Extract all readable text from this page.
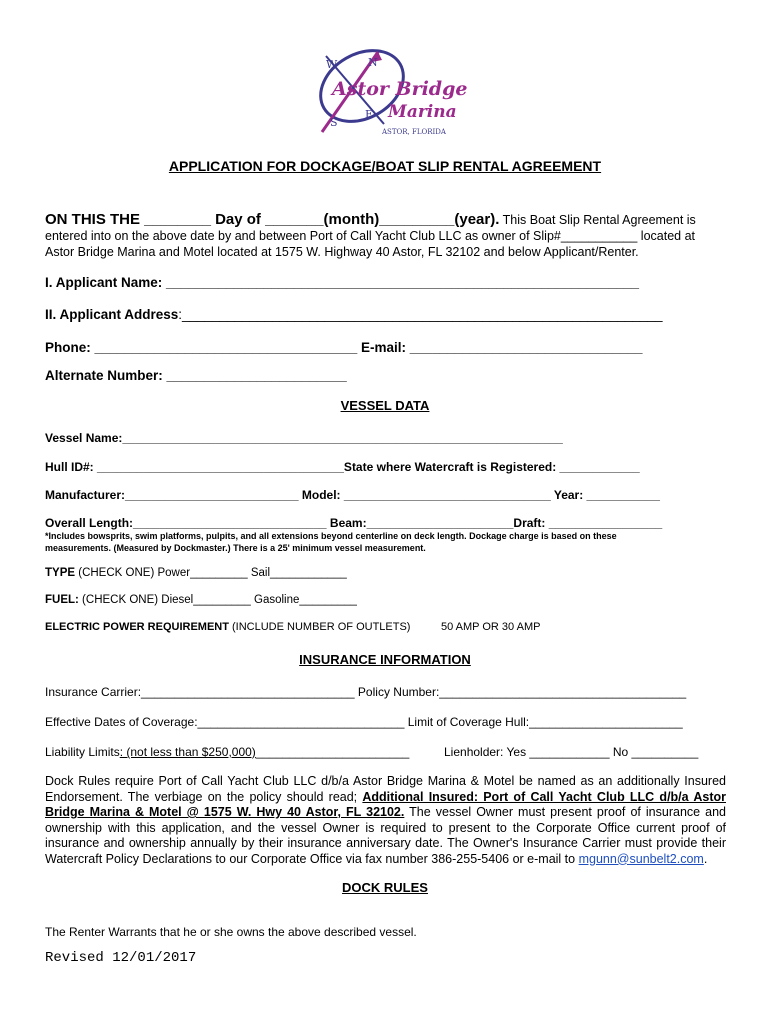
W	N
S
E
Astor Bridge
Marina
ASTOR, FLORIDA
APPLICATION FOR DOCKAGE/BOAT SLIP RENTAL AGREEMENT
ON THIS THE ________ Day of _______(month)_________(year). This Boat Slip Rental Agreement is
entered into on the above date by and between Port of Call Yacht Club LLC as owner of Slip#___________ located at
Astor Bridge Marina and Motel located at 1575 W. Highway 40 Astor, FL 32102 and below Applicant/Renter.
I. Applicant Name: _______________________________________________________________
II. Applicant Address:________________________________________________________________
Phone: ___________________________________ E-mail: _______________________________
Alternate Number: ________________________
VESSEL DATA
Vessel Name:__________________________________________________________________
Hull ID#: _____________________________________State where Watercraft is Registered: ____________
Manufacturer:__________________________ Model: _______________________________ Year: ___________
Overall Length:_____________________________ Beam:______________________Draft: _________________
*Includes bowsprits, swim platforms, pulpits, and all extensions beyond centerline on deck length. Dockage charge is based on these
measurements. (Measured by Dockmaster.) There is a 25' minimum vessel measurement.
TYPE (CHECK ONE) Power_________ Sail____________
FUEL: (CHECK ONE) Diesel_________ Gasoline_________
ELECTRIC POWER REQUIREMENT (INCLUDE NUMBER OF OUTLETS)	50 AMP OR 30 AMP
INSURANCE INFORMATION
Insurance Carrier:________________________________ Policy Number:_____________________________________
Effective Dates of Coverage:_______________________________ Limit of Coverage Hull:_______________________
Liability Limits: (not less than $250,000)_______________________	Lienholder: Yes ____________ No __________
Dock Rules require Port of Call Yacht Club LLC d/b/a Astor Bridge Marina & Motel be named as an additionally Insured Endorsement. The verbiage on the policy should read; Additional Insured: Port of Call Yacht Club LLC d/b/a Astor Bridge Marina & Motel @ 1575 W. Hwy 40 Astor, FL 32102. The vessel Owner must present proof of insurance and ownership with this application, and the vessel Owner is required to present to the Corporate Office current proof of insurance and ownership annually by their insurance anniversary date. The Owner's Insurance Carrier must provide their Watercraft Policy Declarations to our Corporate Office via fax number 386-255-5406 or e-mail to mgunn@sunbelt2.com.
DOCK RULES
The Renter Warrants that he or she owns the above described vessel.
Revised 12/01/2017
